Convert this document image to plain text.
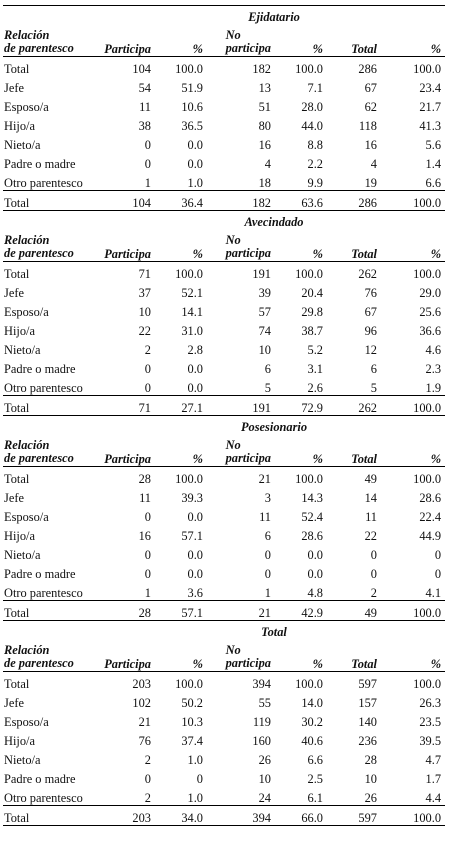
Ejidatario						
Relación
de parentesco	Participa	%	No
participa	%	Total	%
Total	104	100.0	182	100.0	286	100.0
Jefe	54	51.9	13	7.1	67	23.4
Esposo/a	11	10.6	51	28.0	62	21.7
Hijo/a	38	36.5	80	44.0	118	41.3
Nieto/a	0	0.0	16	8.8	16	5.6
Padre o madre	0	0.0	4	2.2	4	1.4
Otro parentesco	1	1.0	18	9.9	19	6.6
Total	104	36.4	182	63.6	286	100.0
Avecindado						
Relación
de parentesco	Participa	%	No
participa	%	Total	%
Total	71	100.0	191	100.0	262	100.0
Jefe	37	52.1	39	20.4	76	29.0
Esposo/a	10	14.1	57	29.8	67	25.6
Hijo/a	22	31.0	74	38.7	96	36.6
Nieto/a	2	2.8	10	5.2	12	4.6
Padre o madre	0	0.0	6	3.1	6	2.3
Otro parentesco	0	0.0	5	2.6	5	1.9
Total	71	27.1	191	72.9	262	100.0
Posesionario						
Relación
de parentesco	Participa	%	No
participa	%	Total	%
Total	28	100.0	21	100.0	49	100.0
Jefe	11	39.3	3	14.3	14	28.6
Esposo/a	0	0.0	11	52.4	11	22.4
Hijo/a	16	57.1	6	28.6	22	44.9
Nieto/a	0	0.0	0	0.0	0	0
Padre o madre	0	0.0	0	0.0	0	0
Otro parentesco	1	3.6	1	4.8	2	4.1
Total	28	57.1	21	42.9	49	100.0
Total						
Relación
de parentesco	Participa	%	No
participa	%	Total	%
Total	203	100.0	394	100.0	597	100.0
Jefe	102	50.2	55	14.0	157	26.3
Esposo/a	21	10.3	119	30.2	140	23.5
Hijo/a	76	37.4	160	40.6	236	39.5
Nieto/a	2	1.0	26	6.6	28	4.7
Padre o madre	0	0	10	2.5	10	1.7
Otro parentesco	2	1.0	24	6.1	26	4.4
Total	203	34.0	394	66.0	597	100.0
